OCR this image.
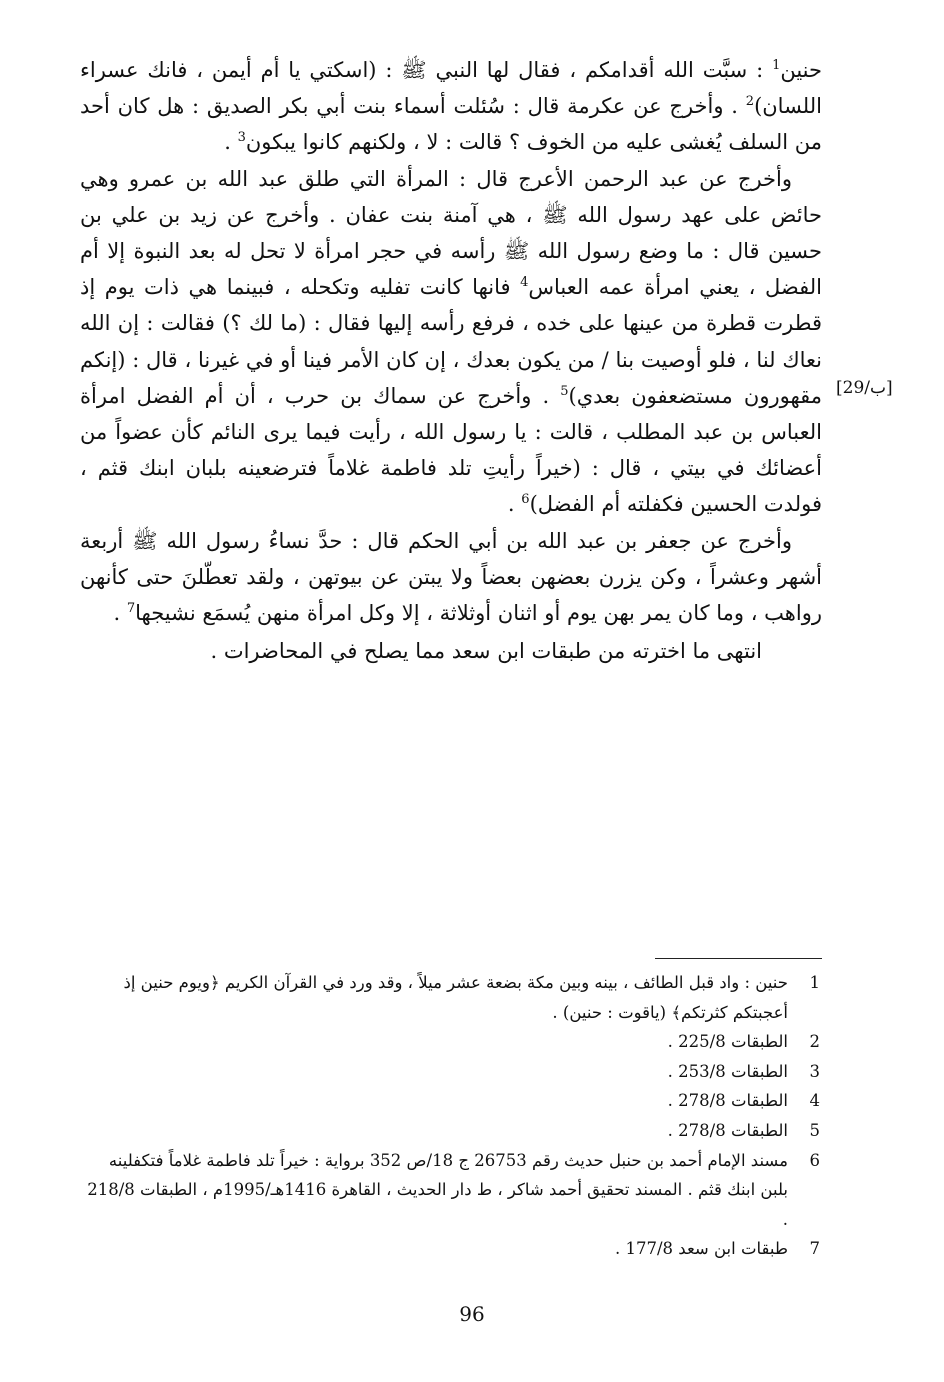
حنين$^1$ : سبَّت الله أقدامكم ، فقال لها النبي ﷺ : (اسكتي يا أم أيمن ، فانك عسراء اللسان)$^2$ . وأخرج عن عكرمة قال : سُئلت أسماء بنت أبي بكر الصديق : هل كان أحد من السلف يُغشى عليه من الخوف ؟ قالت : لا ، ولكنهم كانوا يبكون$^3$ .

وأخرج عن عبد الرحمن الأعرج قال : المرأة التي طلق عبد الله بن عمرو وهي حائض على عهد رسول الله ﷺ ، هي آمنة بنت عفان . وأخرج عن زيد بن علي بن حسين قال : ما وضع رسول الله ﷺ رأسه في حجر امرأة لا تحل له بعد النبوة إلا أم الفضل ، يعني امرأة عمه العباس$^4$ فانها كانت تفليه وتكحله ، فبينما هي ذات يوم إذ قطرت قطرة من عينها على خده ، فرفع رأسه إليها فقال : (ما لك ؟) فقالت : إن الله نعاك لنا ، فلو أوصيت بنا / من يكون بعدك ، إن كان الأمر فينا أو في غيرنا ، قال : (إنكم مقهورون مستضعفون بعدي)$^5$ . وأخرج عن سماك بن حرب ، أن أم الفضل امرأة العباس بن عبد المطلب ، قالت : يا رسول الله ، رأيت فيما يرى النائم كأن عضواً من أعضائك في بيتي ، قال : (خيراً رأيتِ تلد فاطمة غلاماً فترضعينه بلبان ابنك قثم ، فولدت الحسين فكفلته أم الفضل)$^6$ .

وأخرج عن جعفر بن عبد الله بن أبي الحكم قال : حدَّ نساءُ رسول الله ﷺ أربعة أشهر وعشراً ، وكن يزرن بعضهن بعضاً ولا يبتن عن بيوتهن ، ولقد تعطّلنَ حتى كأنهن رواهب ، وما كان يمر بهن يوم أو اثنان أوثلاثة ، إلا وكل امرأة منهن يُسمَع نشيجها$^7$ .

انتهى ما اخترته من طبقات ابن سعد مما يصلح في المحاضرات .

[29/ب]
1
حنين : واد قبل الطائف ، بينه وبين مكة بضعة عشر ميلاً ، وقد ورد في القرآن الكريم ﴿ويوم حنين إذ أعجبتكم كثرتكم﴾ (ياقوت : حنين) .
2
الطبقات 225/8 .
3
الطبقات 253/8 .
4
الطبقات 278/8 .
5
الطبقات 278/8 .
6
مسند الإمام أحمد بن حنبل حديث رقم 26753 ج 18/ص 352 برواية : خيراً تلد فاطمة غلاماً فتكفلينه بلبن ابنك قثم . المسند تحقيق أحمد شاكر ، ط دار الحديث ، القاهرة 1416هـ/1995م ، الطبقات 218/8 .
7
طبقات ابن سعد 177/8 .
96
